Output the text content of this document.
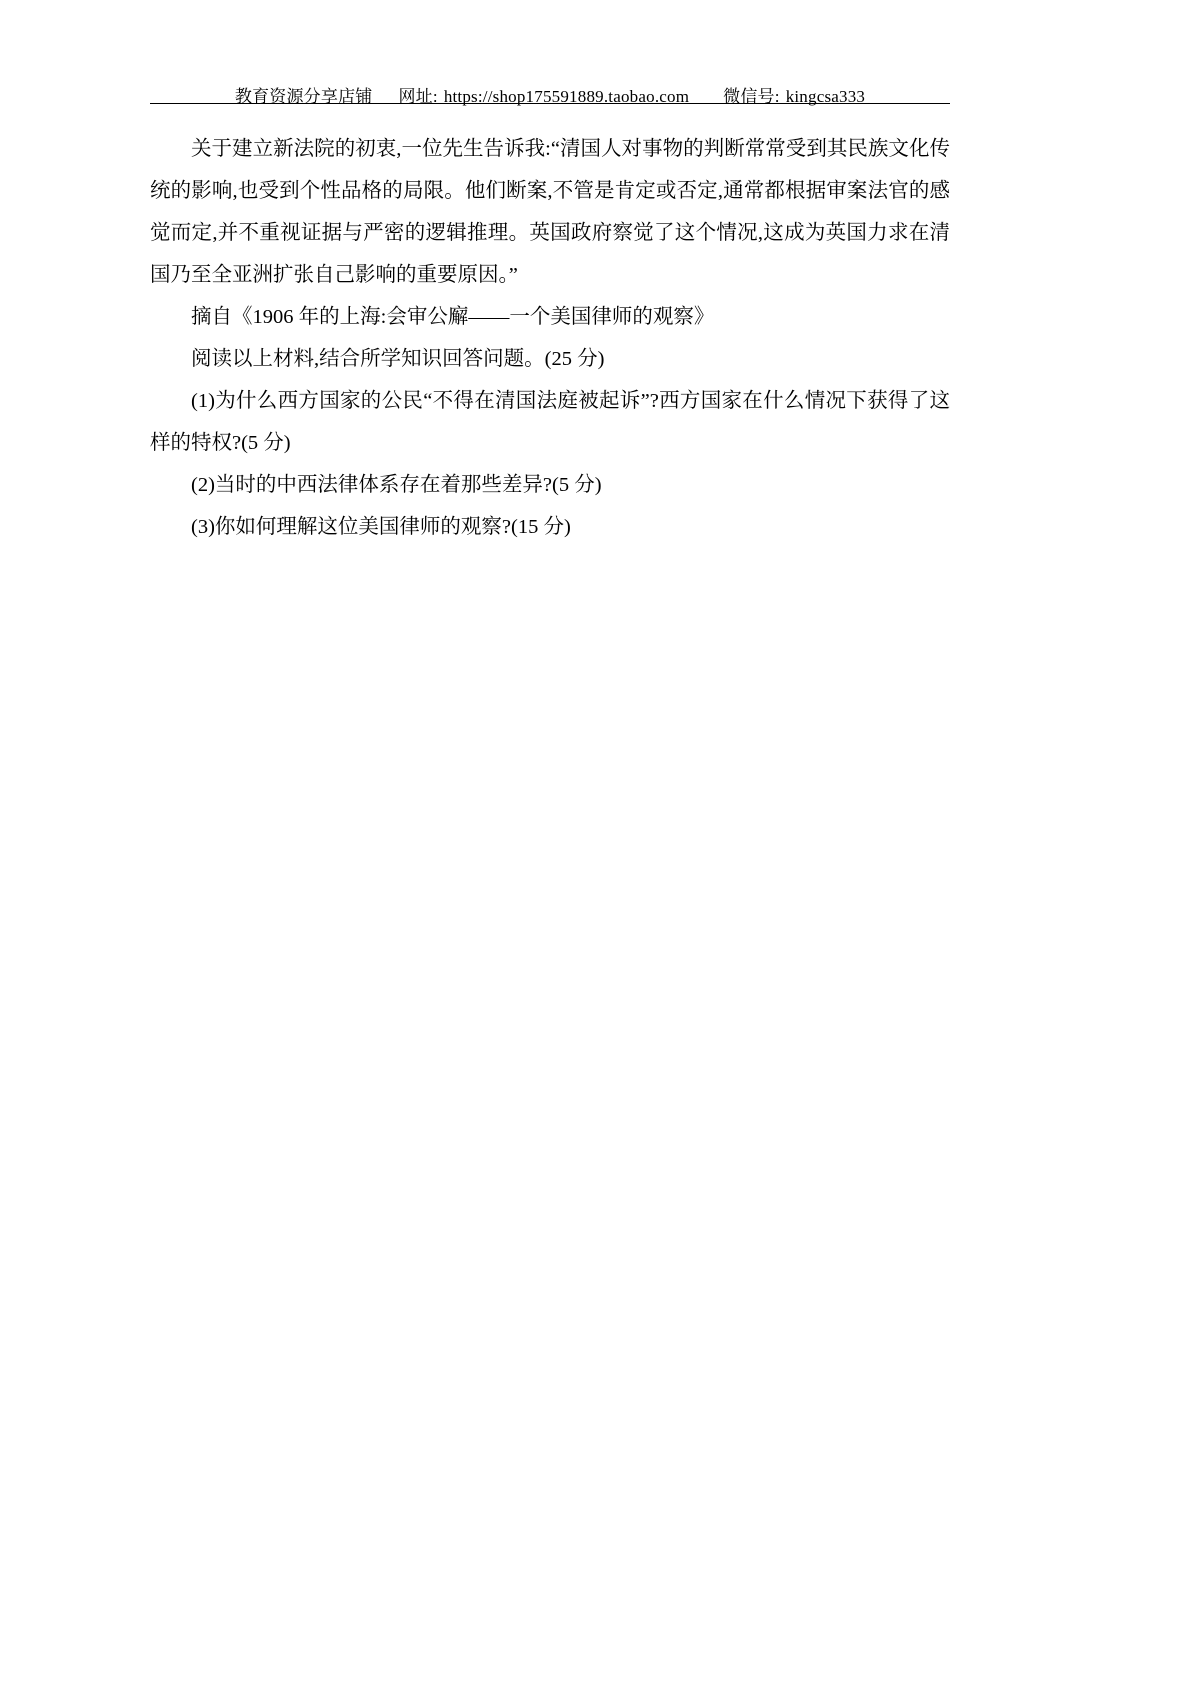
教育资源分享店铺 网址: https://shop175591889.taobao.com 微信号: kingcsa333

关于建立新法院的初衷,一位先生告诉我:“清国人对事物的判断常常受到其民族文化传统的影响,也受到个性品格的局限。他们断案,不管是肯定或否定,通常都根据审案法官的感觉而定,并不重视证据与严密的逻辑推理。英国政府察觉了这个情况,这成为英国力求在清国乃至全亚洲扩张自己影响的重要原因。”

摘自《1906 年的上海:会审公廨——一个美国律师的观察》

阅读以上材料,结合所学知识回答问题。(25 分)

(1)为什么西方国家的公民“不得在清国法庭被起诉”?西方国家在什么情况下获得了这样的特权?(5 分)

(2)当时的中西法律体系存在着那些差异?(5 分)

(3)你如何理解这位美国律师的观察?(15 分)
